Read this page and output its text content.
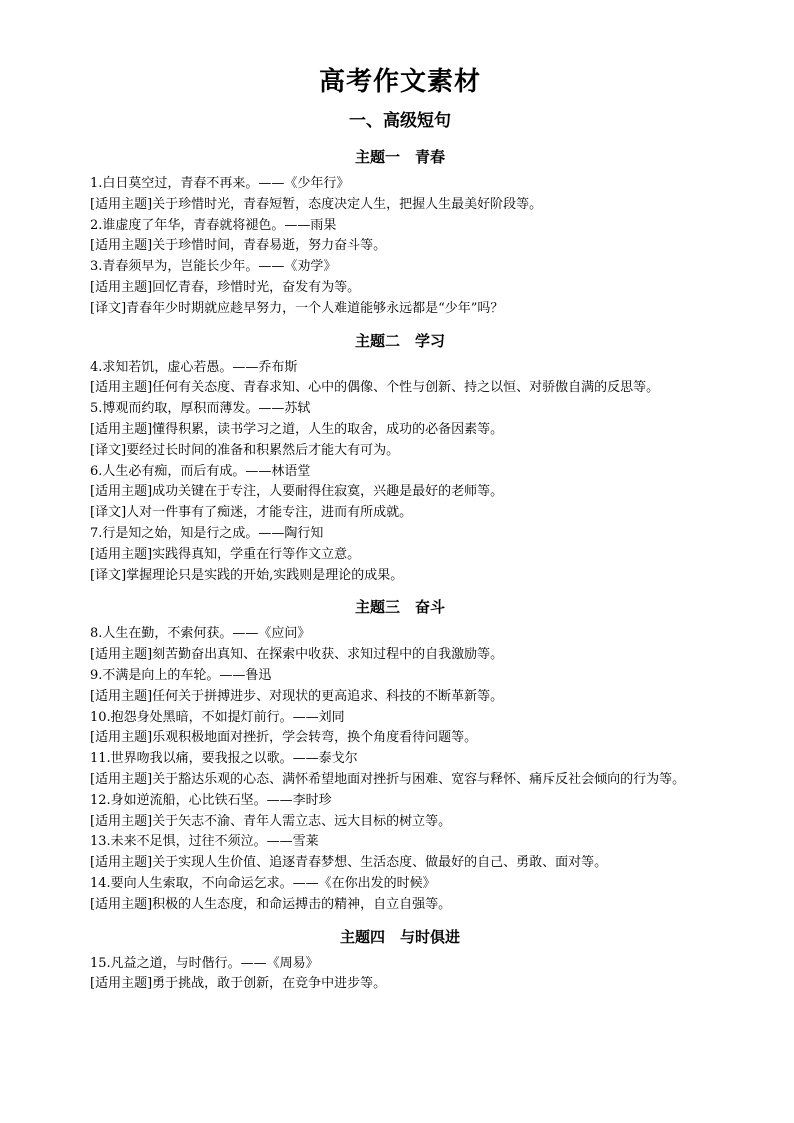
高考作文素材
一、高级短句
主题一　青春

1.白日莫空过，青春不再来。——《少年行》

[适用主题]关于珍惜时光，青春短暂，态度决定人生，把握人生最美好阶段等。

2.谁虚度了年华，青春就将褪色。——雨果

[适用主题]关于珍惜时间，青春易逝，努力奋斗等。

3.青春须早为，岂能长少年。——《劝学》

[适用主题]回忆青春，珍惜时光，奋发有为等。

[译文]青春年少时期就应趁早努力，一个人难道能够永远都是“少年”吗？

主题二　学习

4.求知若饥，虚心若愚。——乔布斯

[适用主题]任何有关态度、青春求知、心中的偶像、个性与创新、持之以恒、对骄傲自满的反思等。

5.博观而约取，厚积而薄发。——苏轼

[适用主题]懂得积累，读书学习之道，人生的取舍，成功的必备因素等。

[译文]要经过长时间的准备和积累然后才能大有可为。

6.人生必有痴，而后有成。——林语堂

[适用主题]成功关键在于专注，人要耐得住寂寞，兴趣是最好的老师等。

[译文]人对一件事有了痴迷，才能专注，进而有所成就。

7.行是知之始，知是行之成。——陶行知

[适用主题]实践得真知，学重在行等作文立意。

[译文]掌握理论只是实践的开始,实践则是理论的成果。

主题三　奋斗

8.人生在勤，不索何获。——《应问》

[适用主题]刻苦勤奋出真知、在探索中收获、求知过程中的自我激励等。

9.不满是向上的车轮。——鲁迅

[适用主题]任何关于拼搏进步、对现状的更高追求、科技的不断革新等。

10.抱怨身处黑暗，不如提灯前行。——刘同

[适用主题]乐观积极地面对挫折，学会转弯，换个角度看待问题等。

11.世界吻我以痛，要我报之以歌。——泰戈尔

[适用主题]关于豁达乐观的心态、满怀希望地面对挫折与困难、宽容与释怀、痛斥反社会倾向的行为等。

12.身如逆流船，心比铁石坚。——李时珍

[适用主题]关于矢志不渝、青年人需立志、远大目标的树立等。

13.未来不足惧，过往不须泣。——雪莱

[适用主题]关于实现人生价值、追逐青春梦想、生活态度、做最好的自己、勇敢、面对等。

14.要向人生索取，不向命运乞求。——《在你出发的时候》

[适用主题]积极的人生态度，和命运搏击的精神，自立自强等。

主题四　与时俱进

15.凡益之道，与时偕行。——《周易》

[适用主题]勇于挑战，敢于创新，在竞争中进步等。
